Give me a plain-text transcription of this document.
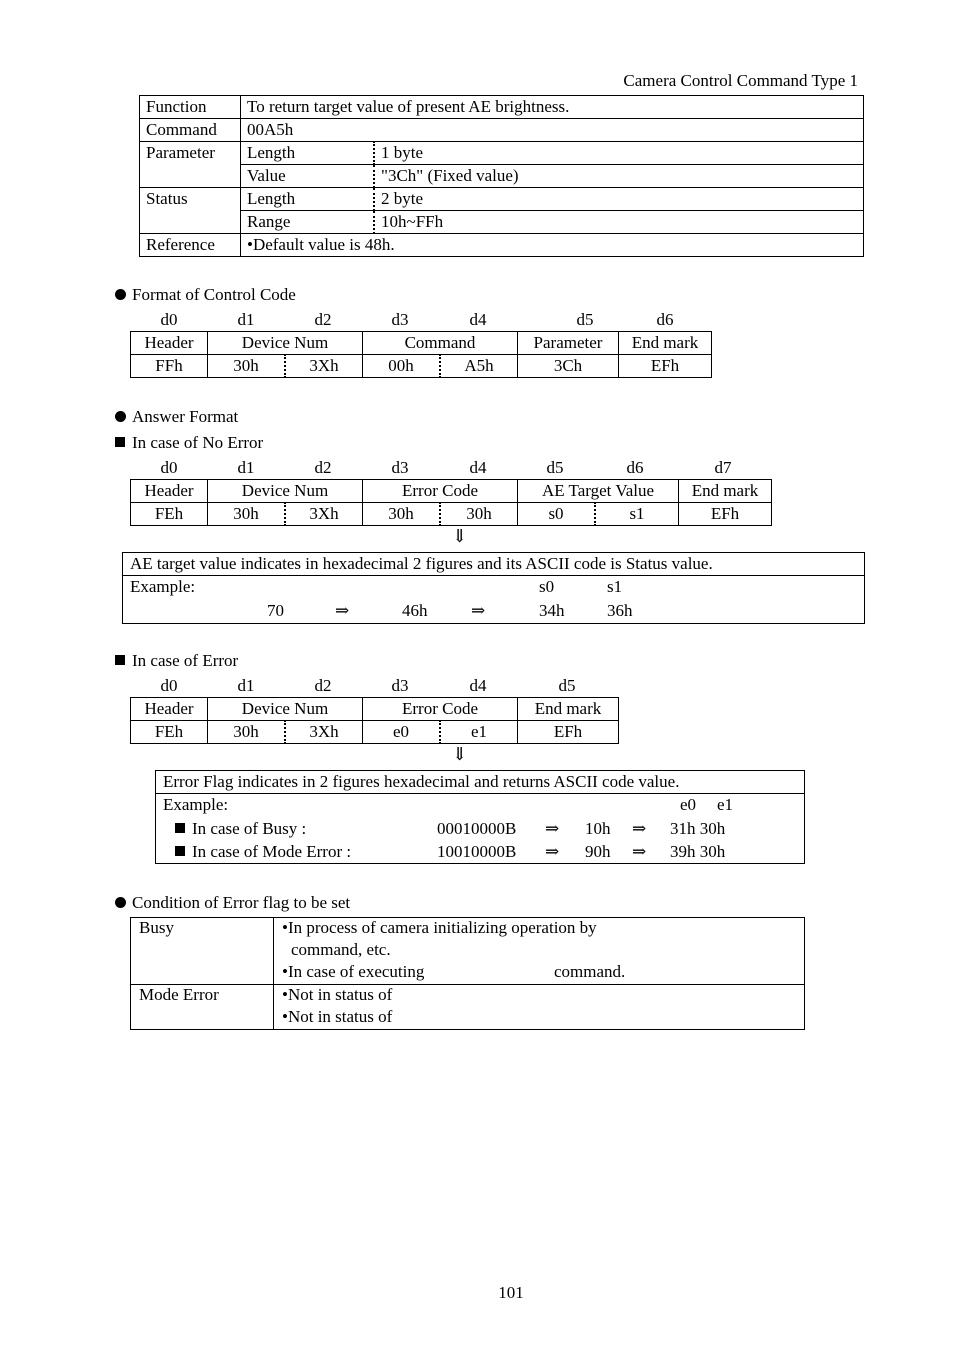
Camera Control Command Type 1
Function	To return target value of present AE brightness.	
Command	00A5h	
Parameter	Length	1 byte
	Value	"3Ch" (Fixed value)
Status	Length	2 byte
	Range	10h~FFh
Reference	•Default value is 48h.	
Format of Control Code
d0	d1	d2	d3	d4	d5	d6
Header	Device Num		Command		Parameter	End mark
FFh	30h	3Xh	00h	A5h	3Ch	EFh
Answer Format
In case of No Error
d0	d1	d2	d3	d4	d5	d6	d7
Header	Device Num		Error Code		AE Target Value		End mark
FEh	30h	3Xh	30h	30h	s0	s1	EFh
⇓
AE target value indicates in hexadecimal 2 figures and its ASCII code is Status value.
Example:	s0	s1
70	⇒	46h	⇒	34h	36h
In case of Error
d0	d1	d2	d3	d4	d5
Header	Device Num		Error Code		End mark
FEh	30h	3Xh	e0	e1	EFh
⇓
Error Flag indicates in 2 figures hexadecimal and returns ASCII code value.
Example:	e0 e1
In case of Busy :	00010000B ⇒ 10h ⇒ 31h 30h
In case of Mode Error :	10010000B ⇒ 90h ⇒ 39h 30h
Condition of Error flag to be set
Busy	•In process of camera initializing operation by
command, etc.
•In case of executing	command.
Mode Error	•Not in status of
•Not in status of
101
